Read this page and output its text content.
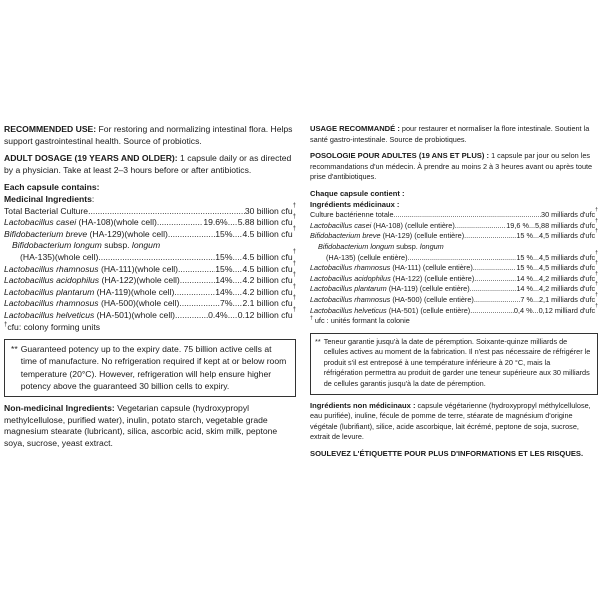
RECOMMENDED USE: For restoring and normalizing intestinal flora. Helps support gastrointestinal health. Source of probiotics.

ADULT DOSAGE (19 YEARS AND OLDER): 1 capsule daily or as directed by a physician. Take at least 2–3 hours before or after antibiotics.

Each capsule contains:

Medicinal Ingredients:

Total Bacterial Culture .....	30 billion cfu †
Lactobacillus casei (HA-108)(whole cell) .....	19.6% ..... 5.88 billion cfu †
Bifidobacterium breve (HA-129)(whole cell) .....	15% ..... 4.5 billion cfu †
Bifidobacterium longum subsp. longum
(HA-135)(whole cell) .....	15% ..... 4.5 billion cfu †
Lactobacillus rhamnosus (HA-111)(whole cell) .....	15% ..... 4.5 billion cfu †
Lactobacillus acidophilus (HA-122)(whole cell) .....	14% ..... 4.2 billion cfu †
Lactobacillus plantarum (HA-119)(whole cell) .....	14% ..... 4.2 billion cfu †
Lactobacillus rhamnosus (HA-500)(whole cell) .....	7% ..... 2.1 billion cfu †
Lactobacillus helveticus (HA-501)(whole cell) .....	0.4% ..... 0.12 billion cfu †

†cfu: colony forming units

** Guaranteed potency up to the expiry date. 75 billion active cells at time of manufacture. No refrigeration required if kept at or below room temperature (20°C). However, refrigeration will help ensure higher potency above the guaranteed 30 billion cells to expiry.

Non-medicinal Ingredients: Vegetarian capsule (hydroxypropyl methylcellulose, purified water), inulin, potato starch, vegetable grade magnesium stearate (lubricant), silica, ascorbic acid, skim milk, peptone soya, sucrose, yeast extract.

USAGE RECOMMANDÉ : pour restaurer et normaliser la flore intestinale. Soutient la santé gastro-intestinale. Source de probiotiques.

POSOLOGIE POUR ADULTES (19 ANS ET PLUS) : 1 capsule par jour ou selon les recommandations d'un médecin. À prendre au moins 2 à 3 heures avant ou après toute prise d'antibiotiques.

Chaque capsule contient :

Ingrédients médicinaux :

Culture bactérienne totale .....	30 milliards d'ufc †
Lactobacillus casei (HA-108) (cellule entière) .....	19,6 % ........ 5,88 milliards d'ufc †
Bifidobacterium breve (HA-129) (cellule entière) .....	15 % ........ 4,5 milliards d'ufc †
Bifidobacterium longum subsp. longum
(HA-135) (cellule entière) .....	15 % ........ 4,5 milliards d'ufc †
Lactobacillus rhamnosus (HA-111) (cellule entière) .....	15 % ........ 4,5 milliards d'ufc †
Lactobacillus acidophilus (HA-122) (cellule entière) .....	14 % ........ 4,2 milliards d'ufc †
Lactobacillus plantarum (HA-119) (cellule entière) .....	14 % ........ 4,2 milliards d'ufc †
Lactobacillus rhamnosus (HA-500) (cellule entière) .....	7 % ........ 2,1 milliards d'ufc †
Lactobacillus helveticus (HA-501) (cellule entière) .....	0,4 % ........ 0,12 milliard d'ufc †

† ufc : unités formant la colonie

** Teneur garantie jusqu'à la date de péremption. Soixante-quinze milliards de cellules actives au moment de la fabrication. Il n'est pas nécessaire de réfrigérer le produit s'il est entreposé à une température inférieure à 20 °C, mais la réfrigération permettra au produit de garder une teneur supérieure aux 30 milliards de cellules garantis jusqu'à la date de péremption.

Ingrédients non médicinaux : capsule végétarienne (hydroxypropyl méthylcellulose, eau purifiée), inuline, fécule de pomme de terre, stéarate de magnésium d'origine végétale (lubrifiant), silice, acide ascorbique, lait écrémé, peptone de soja, sucrose, extrait de levure.

SOULEVEZ L'ÉTIQUETTE POUR PLUS D'INFORMATIONS ET LES RISQUES.
